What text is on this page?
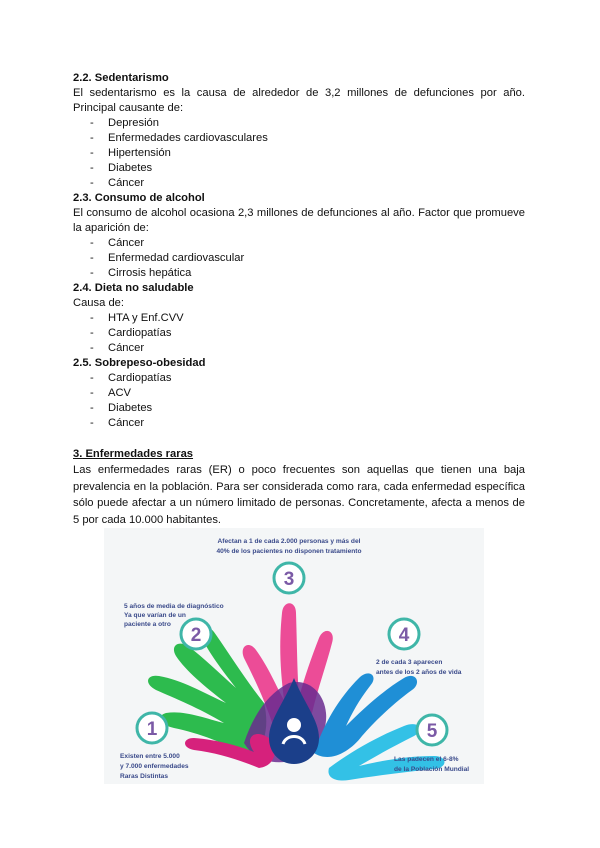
2.2. Sedentarismo

El sedentarismo es la causa de alrededor de 3,2 millones de defunciones por año. Principal causante de:

- Depresión
- Enfermedades cardiovasculares
- Hipertensión
- Diabetes
- Cáncer
2.3. Consumo de alcohol

El consumo de alcohol ocasiona 2,3 millones de defunciones al año. Factor que promueve la aparición de:

- Cáncer
- Enfermedad cardiovascular
- Cirrosis hepática
2.4. Dieta no saludable

Causa de:

- HTA y Enf.CVV
- Cardiopatías
- Cáncer
2.5. Sobrepeso-obesidad
- Cardiopatías
- ACV
- Diabetes
- Cáncer
3. Enfermedades raras

Las enfermedades raras (ER) o poco frecuentes son aquellas que tienen una baja prevalencia en la población. Para ser considerada como rara, cada enfermedad específica sólo puede afectar a un número limitado de personas. Concretamente, afecta a menos de 5 por cada 10.000 habitantes.

1
2
3
4
5
Afectan a 1 de cada 2.000 personas y más del
40% de los pacientes no disponen tratamiento
5 años de media de diagnóstico
Ya que varían de un
paciente a otro
2 de cada 3 aparecen
antes de los 2 años de vida
Existen entre 5.000
y 7.000 enfermedades
Raras Distintas
Las padecen el 6-8%
de la Población Mundial
